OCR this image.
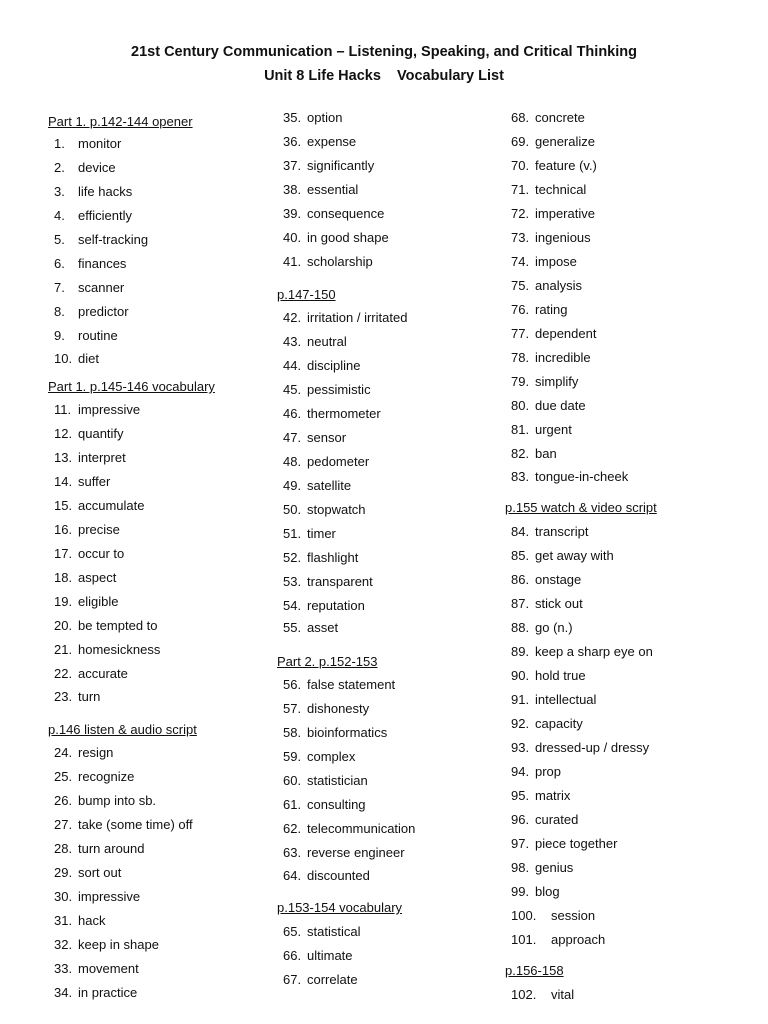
21st Century Communication – Listening, Speaking, and Critical Thinking
Unit 8 Life Hacks    Vocabulary List
Part 1. p.142-144 opener
1. monitor
2. device
3. life hacks
4. efficiently
5. self-tracking
6. finances
7. scanner
8. predictor
9. routine
10. diet
Part 1. p.145-146 vocabulary
11. impressive
12. quantify
13. interpret
14. suffer
15. accumulate
16. precise
17. occur to
18. aspect
19. eligible
20. be tempted to
21. homesickness
22. accurate
23. turn
p.146 listen & audio script
24. resign
25. recognize
26. bump into sb.
27. take (some time) off
28. turn around
29. sort out
30. impressive
31. hack
32. keep in shape
33. movement
34. in practice
35. option
36. expense
37. significantly
38. essential
39. consequence
40. in good shape
41. scholarship
p.147-150
42. irritation / irritated
43. neutral
44. discipline
45. pessimistic
46. thermometer
47. sensor
48. pedometer
49. satellite
50. stopwatch
51. timer
52. flashlight
53. transparent
54. reputation
55. asset
Part 2. p.152-153
56. false statement
57. dishonesty
58. bioinformatics
59. complex
60. statistician
61. consulting
62. telecommunication
63. reverse engineer
64. discounted
p.153-154 vocabulary
65. statistical
66. ultimate
67. correlate
68. concrete
69. generalize
70. feature (v.)
71. technical
72. imperative
73. ingenious
74. impose
75. analysis
76. rating
77. dependent
78. incredible
79. simplify
80. due date
81. urgent
82. ban
83. tongue-in-cheek
p.155 watch & video script
84. transcript
85. get away with
86. onstage
87. stick out
88. go (n.)
89. keep a sharp eye on
90. hold true
91. intellectual
92. capacity
93. dressed-up / dressy
94. prop
95. matrix
96. curated
97. piece together
98. genius
99. blog
100. session
101. approach
p.156-158
102. vital
